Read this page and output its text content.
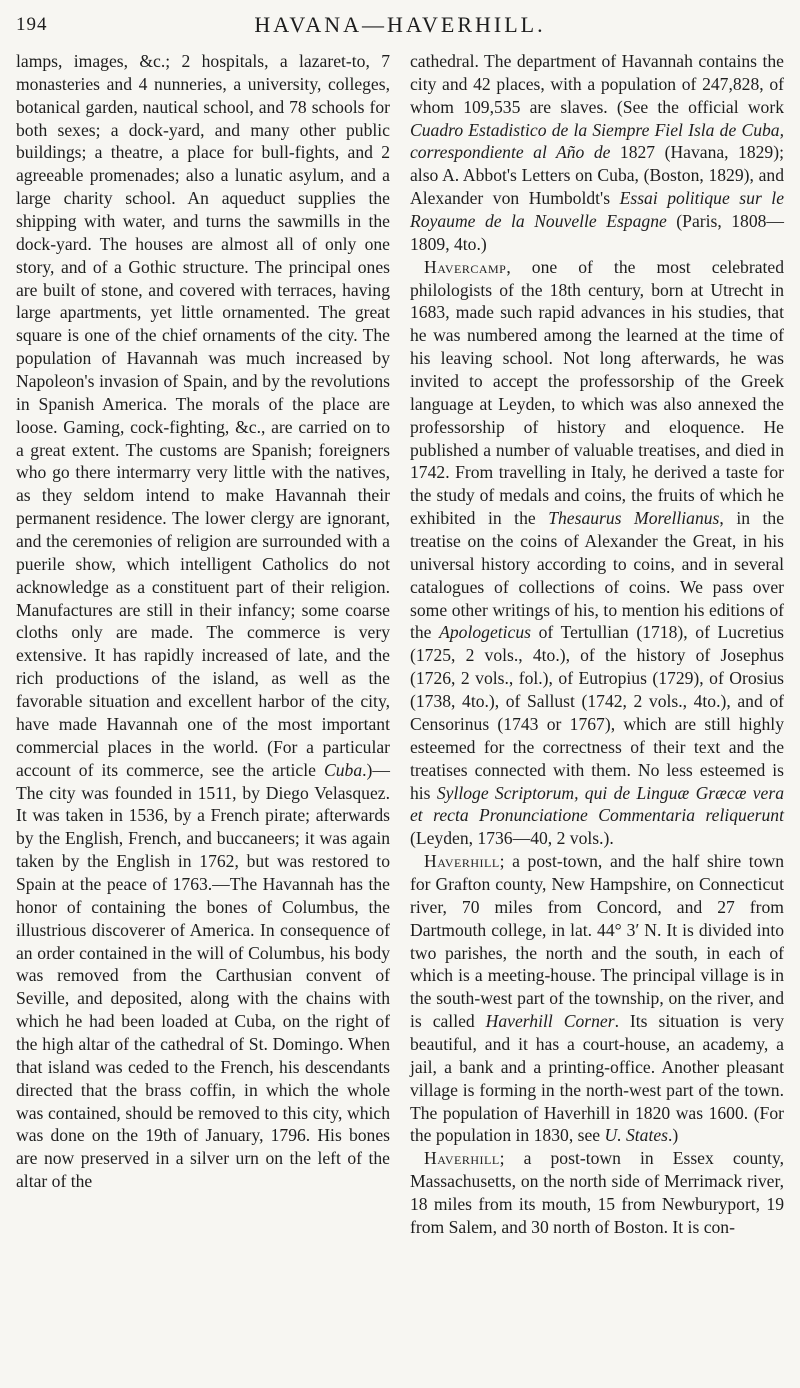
194	HAVANA—HAVERHILL.

lamps, images, &c.; 2 hospitals, a lazaret-to, 7 monasteries and 4 nunneries, a university, colleges, botanical garden, nautical school, and 78 schools for both sexes; a dock-yard, and many other public buildings; a theatre, a place for bull-fights, and 2 agreeable promenades; also a lunatic asylum, and a large charity school. An aqueduct supplies the shipping with water, and turns the sawmills in the dock-yard. The houses are almost all of only one story, and of a Gothic structure. The principal ones are built of stone, and covered with terraces, having large apartments, yet little ornamented. The great square is one of the chief ornaments of the city. The population of Havannah was much increased by Napoleon's invasion of Spain, and by the revolutions in Spanish America. The morals of the place are loose. Gaming, cock-fighting, &c., are carried on to a great extent. The customs are Spanish; foreigners who go there intermarry very little with the natives, as they seldom intend to make Havannah their permanent residence. The lower clergy are ignorant, and the ceremonies of religion are surrounded with a puerile show, which intelligent Catholics do not acknowledge as a constituent part of their religion. Manufactures are still in their infancy; some coarse cloths only are made. The commerce is very extensive. It has rapidly increased of late, and the rich productions of the island, as well as the favorable situation and excellent harbor of the city, have made Havannah one of the most important commercial places in the world. (For a particular account of its commerce, see the article Cuba.)—The city was founded in 1511, by Diego Velasquez. It was taken in 1536, by a French pirate; afterwards by the English, French, and buccaneers; it was again taken by the English in 1762, but was restored to Spain at the peace of 1763.—The Havannah has the honor of containing the bones of Columbus, the illustrious discoverer of America. In consequence of an order contained in the will of Columbus, his body was removed from the Carthusian convent of Seville, and deposited, along with the chains with which he had been loaded at Cuba, on the right of the high altar of the cathedral of St. Domingo. When that island was ceded to the French, his descendants directed that the brass coffin, in which the whole was contained, should be removed to this city, which was done on the 19th of January, 1796. His bones are now preserved in a silver urn on the left of the altar of the

cathedral. The department of Havannah contains the city and 42 places, with a population of 247,828, of whom 109,535 are slaves. (See the official work Cuadro Estadistico de la Siempre Fiel Isla de Cuba, correspondiente al Año de 1827 (Havana, 1829); also A. Abbot's Letters on Cuba, (Boston, 1829), and Alexander von Humboldt's Essai politique sur le Royaume de la Nouvelle Espagne (Paris, 1808—1809, 4to.)

Havercamp, one of the most celebrated philologists of the 18th century, born at Utrecht in 1683, made such rapid advances in his studies, that he was numbered among the learned at the time of his leaving school. Not long afterwards, he was invited to accept the professorship of the Greek language at Leyden, to which was also annexed the professorship of history and eloquence. He published a number of valuable treatises, and died in 1742. From travelling in Italy, he derived a taste for the study of medals and coins, the fruits of which he exhibited in the Thesaurus Morellianus, in the treatise on the coins of Alexander the Great, in his universal history according to coins, and in several catalogues of collections of coins. We pass over some other writings of his, to mention his editions of the Apologeticus of Tertullian (1718), of Lucretius (1725, 2 vols., 4to.), of the history of Josephus (1726, 2 vols., fol.), of Eutropius (1729), of Orosius (1738, 4to.), of Sallust (1742, 2 vols., 4to.), and of Censorinus (1743 or 1767), which are still highly esteemed for the correctness of their text and the treatises connected with them. No less esteemed is his Sylloge Scriptorum, qui de Linguæ Græcæ vera et recta Pronunciatione Commentaria reliquerunt (Leyden, 1736—40, 2 vols.).

Haverhill; a post-town, and the half shire town for Grafton county, New Hampshire, on Connecticut river, 70 miles from Concord, and 27 from Dartmouth college, in lat. 44° 3′ N. It is divided into two parishes, the north and the south, in each of which is a meeting-house. The principal village is in the south-west part of the township, on the river, and is called Haverhill Corner. Its situation is very beautiful, and it has a court-house, an academy, a jail, a bank and a printing-office. Another pleasant village is forming in the north-west part of the town. The population of Haverhill in 1820 was 1600. (For the population in 1830, see U. States.)

Haverhill; a post-town in Essex county, Massachusetts, on the north side of Merrimack river, 18 miles from its mouth, 15 from Newburyport, 19 from Salem, and 30 north of Boston. It is con-
